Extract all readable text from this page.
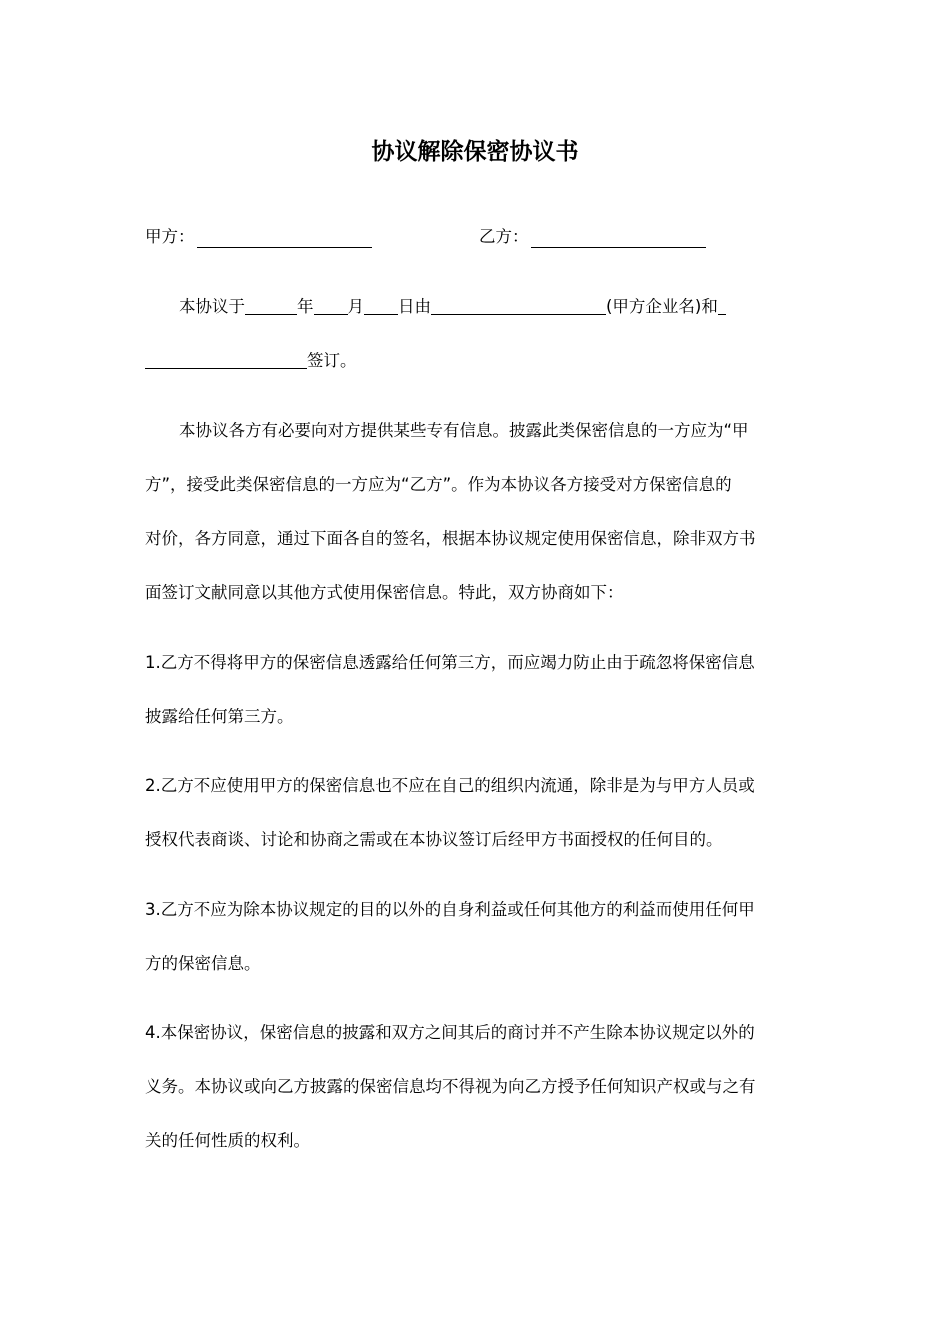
协议解除保密协议书
甲方：	乙方：
本协议于	年 月 日由	(甲方企业名)和
签订。
本协议各方有必要向对方提供某些专有信息。披露此类保密信息的一方应为“甲
方”，接受此类保密信息的一方应为“乙方”。作为本协议各方接受对方保密信息的
对价，各方同意，通过下面各自的签名，根据本协议规定使用保密信息，除非双方书
面签订文献同意以其他方式使用保密信息。特此，双方协商如下：
1.乙方不得将甲方的保密信息透露给任何第三方，而应竭力防止由于疏忽将保密信息
披露给任何第三方。
2.乙方不应使用甲方的保密信息也不应在自己的组织内流通，除非是为与甲方人员或
授权代表商谈、讨论和协商之需或在本协议签订后经甲方书面授权的任何目的。
3.乙方不应为除本协议规定的目的以外的自身利益或任何其他方的利益而使用任何甲
方的保密信息。
4.本保密协议，保密信息的披露和双方之间其后的商讨并不产生除本协议规定以外的
义务。本协议或向乙方披露的保密信息均不得视为向乙方授予任何知识产权或与之有
关的任何性质的权利。
